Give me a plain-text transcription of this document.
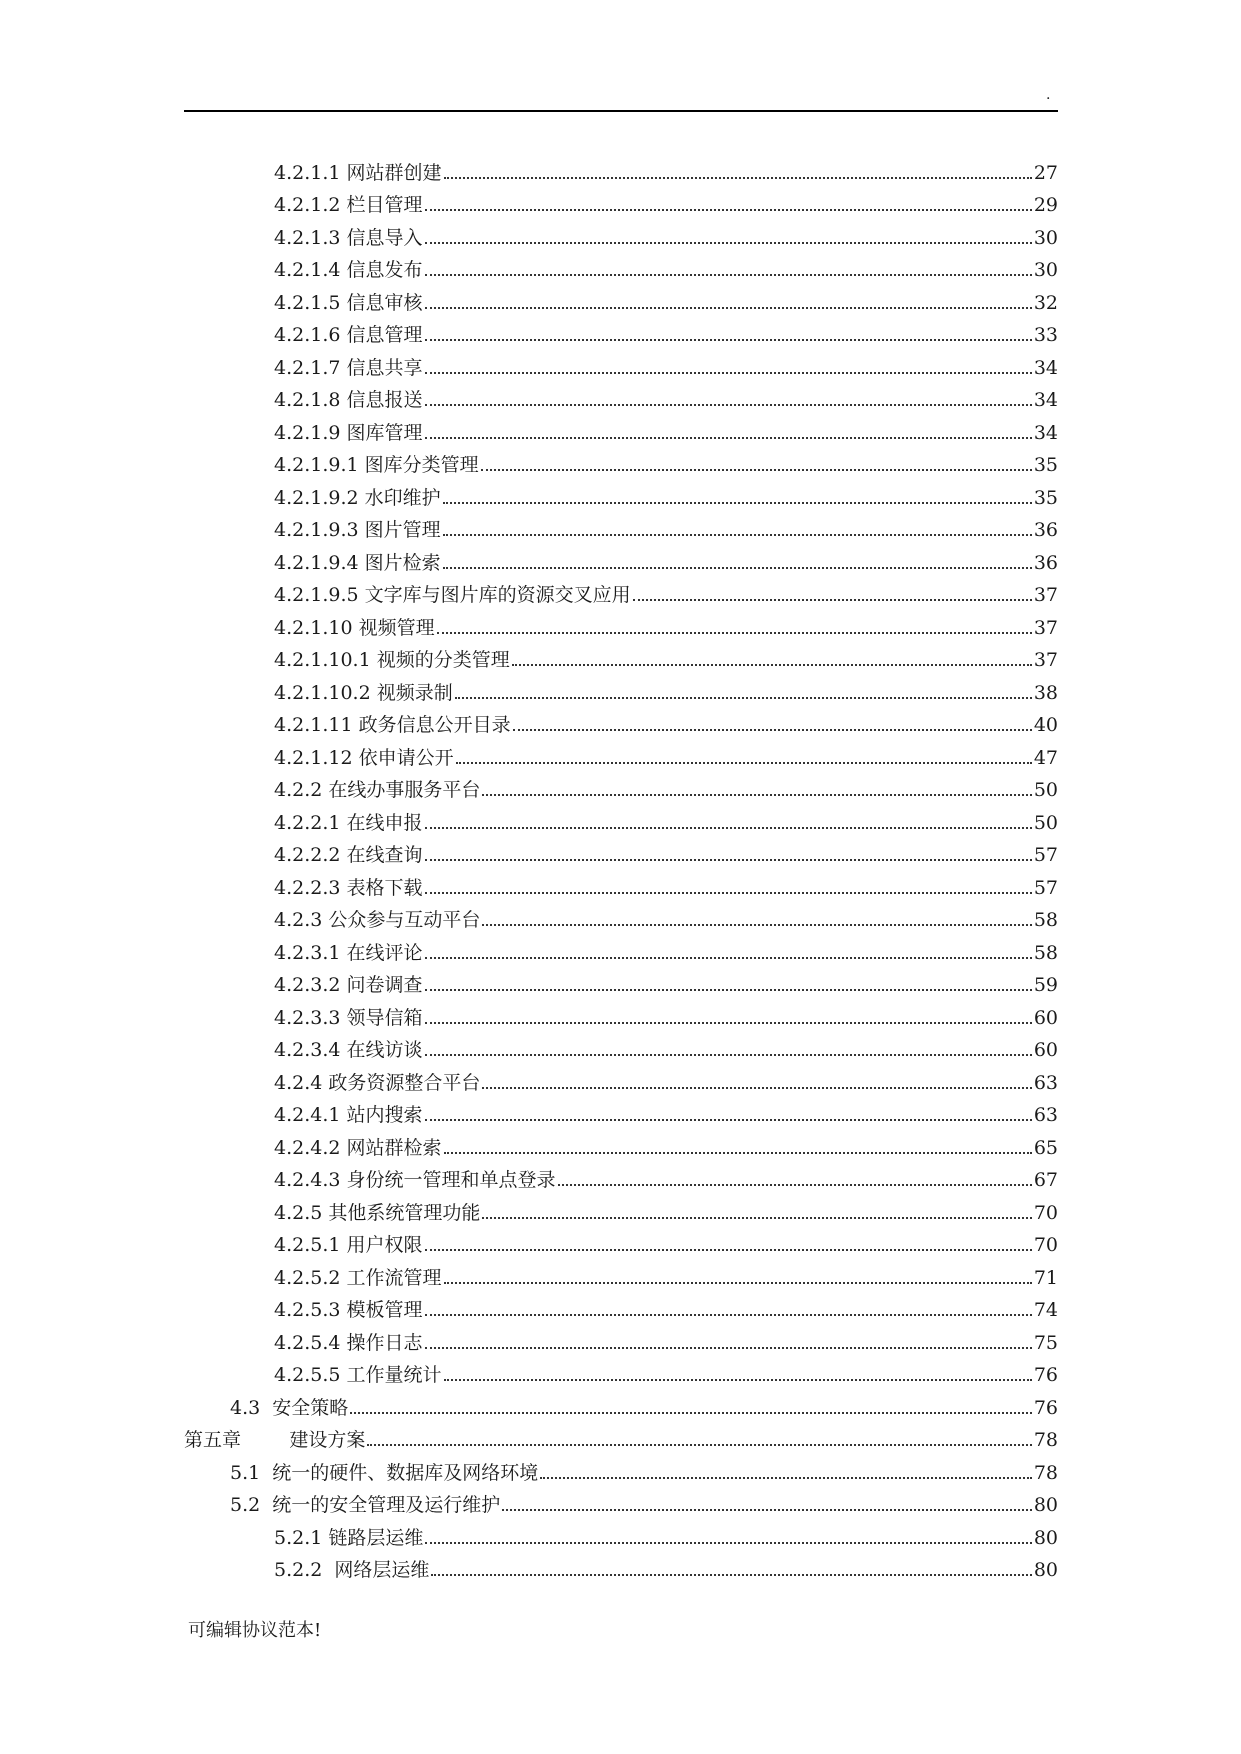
.
4.2.1.1 网站群创建	27
4.2.1.2 栏目管理	29
4.2.1.3 信息导入	30
4.2.1.4 信息发布	30
4.2.1.5 信息审核	32
4.2.1.6 信息管理	33
4.2.1.7 信息共享	34
4.2.1.8 信息报送	34
4.2.1.9 图库管理	34
4.2.1.9.1 图库分类管理	35
4.2.1.9.2 水印维护	35
4.2.1.9.3 图片管理	36
4.2.1.9.4 图片检索	36
4.2.1.9.5 文字库与图片库的资源交叉应用	37
4.2.1.10 视频管理	37
4.2.1.10.1 视频的分类管理	37
4.2.1.10.2 视频录制	38
4.2.1.11 政务信息公开目录	40
4.2.1.12 依申请公开	47
4.2.2 在线办事服务平台	50
4.2.2.1 在线申报	50
4.2.2.2 在线查询	57
4.2.2.3 表格下载	57
4.2.3 公众参与互动平台	58
4.2.3.1 在线评论	58
4.2.3.2 问卷调查	59
4.2.3.3 领导信箱	60
4.2.3.4 在线访谈	60
4.2.4 政务资源整合平台	63
4.2.4.1 站内搜索	63
4.2.4.2 网站群检索	65
4.2.4.3 身份统一管理和单点登录	67
4.2.5 其他系统管理功能	70
4.2.5.1 用户权限	70
4.2.5.2 工作流管理	71
4.2.5.3 模板管理	74
4.2.5.4 操作日志	75
4.2.5.5 工作量统计	76
4.3  安全策略	76
第五章        建设方案	78
5.1  统一的硬件、数据库及网络环境	78
5.2  统一的安全管理及运行维护	80
5.2.1 链路层运维	80
5.2.2  网络层运维	80
可编辑协议范本!
